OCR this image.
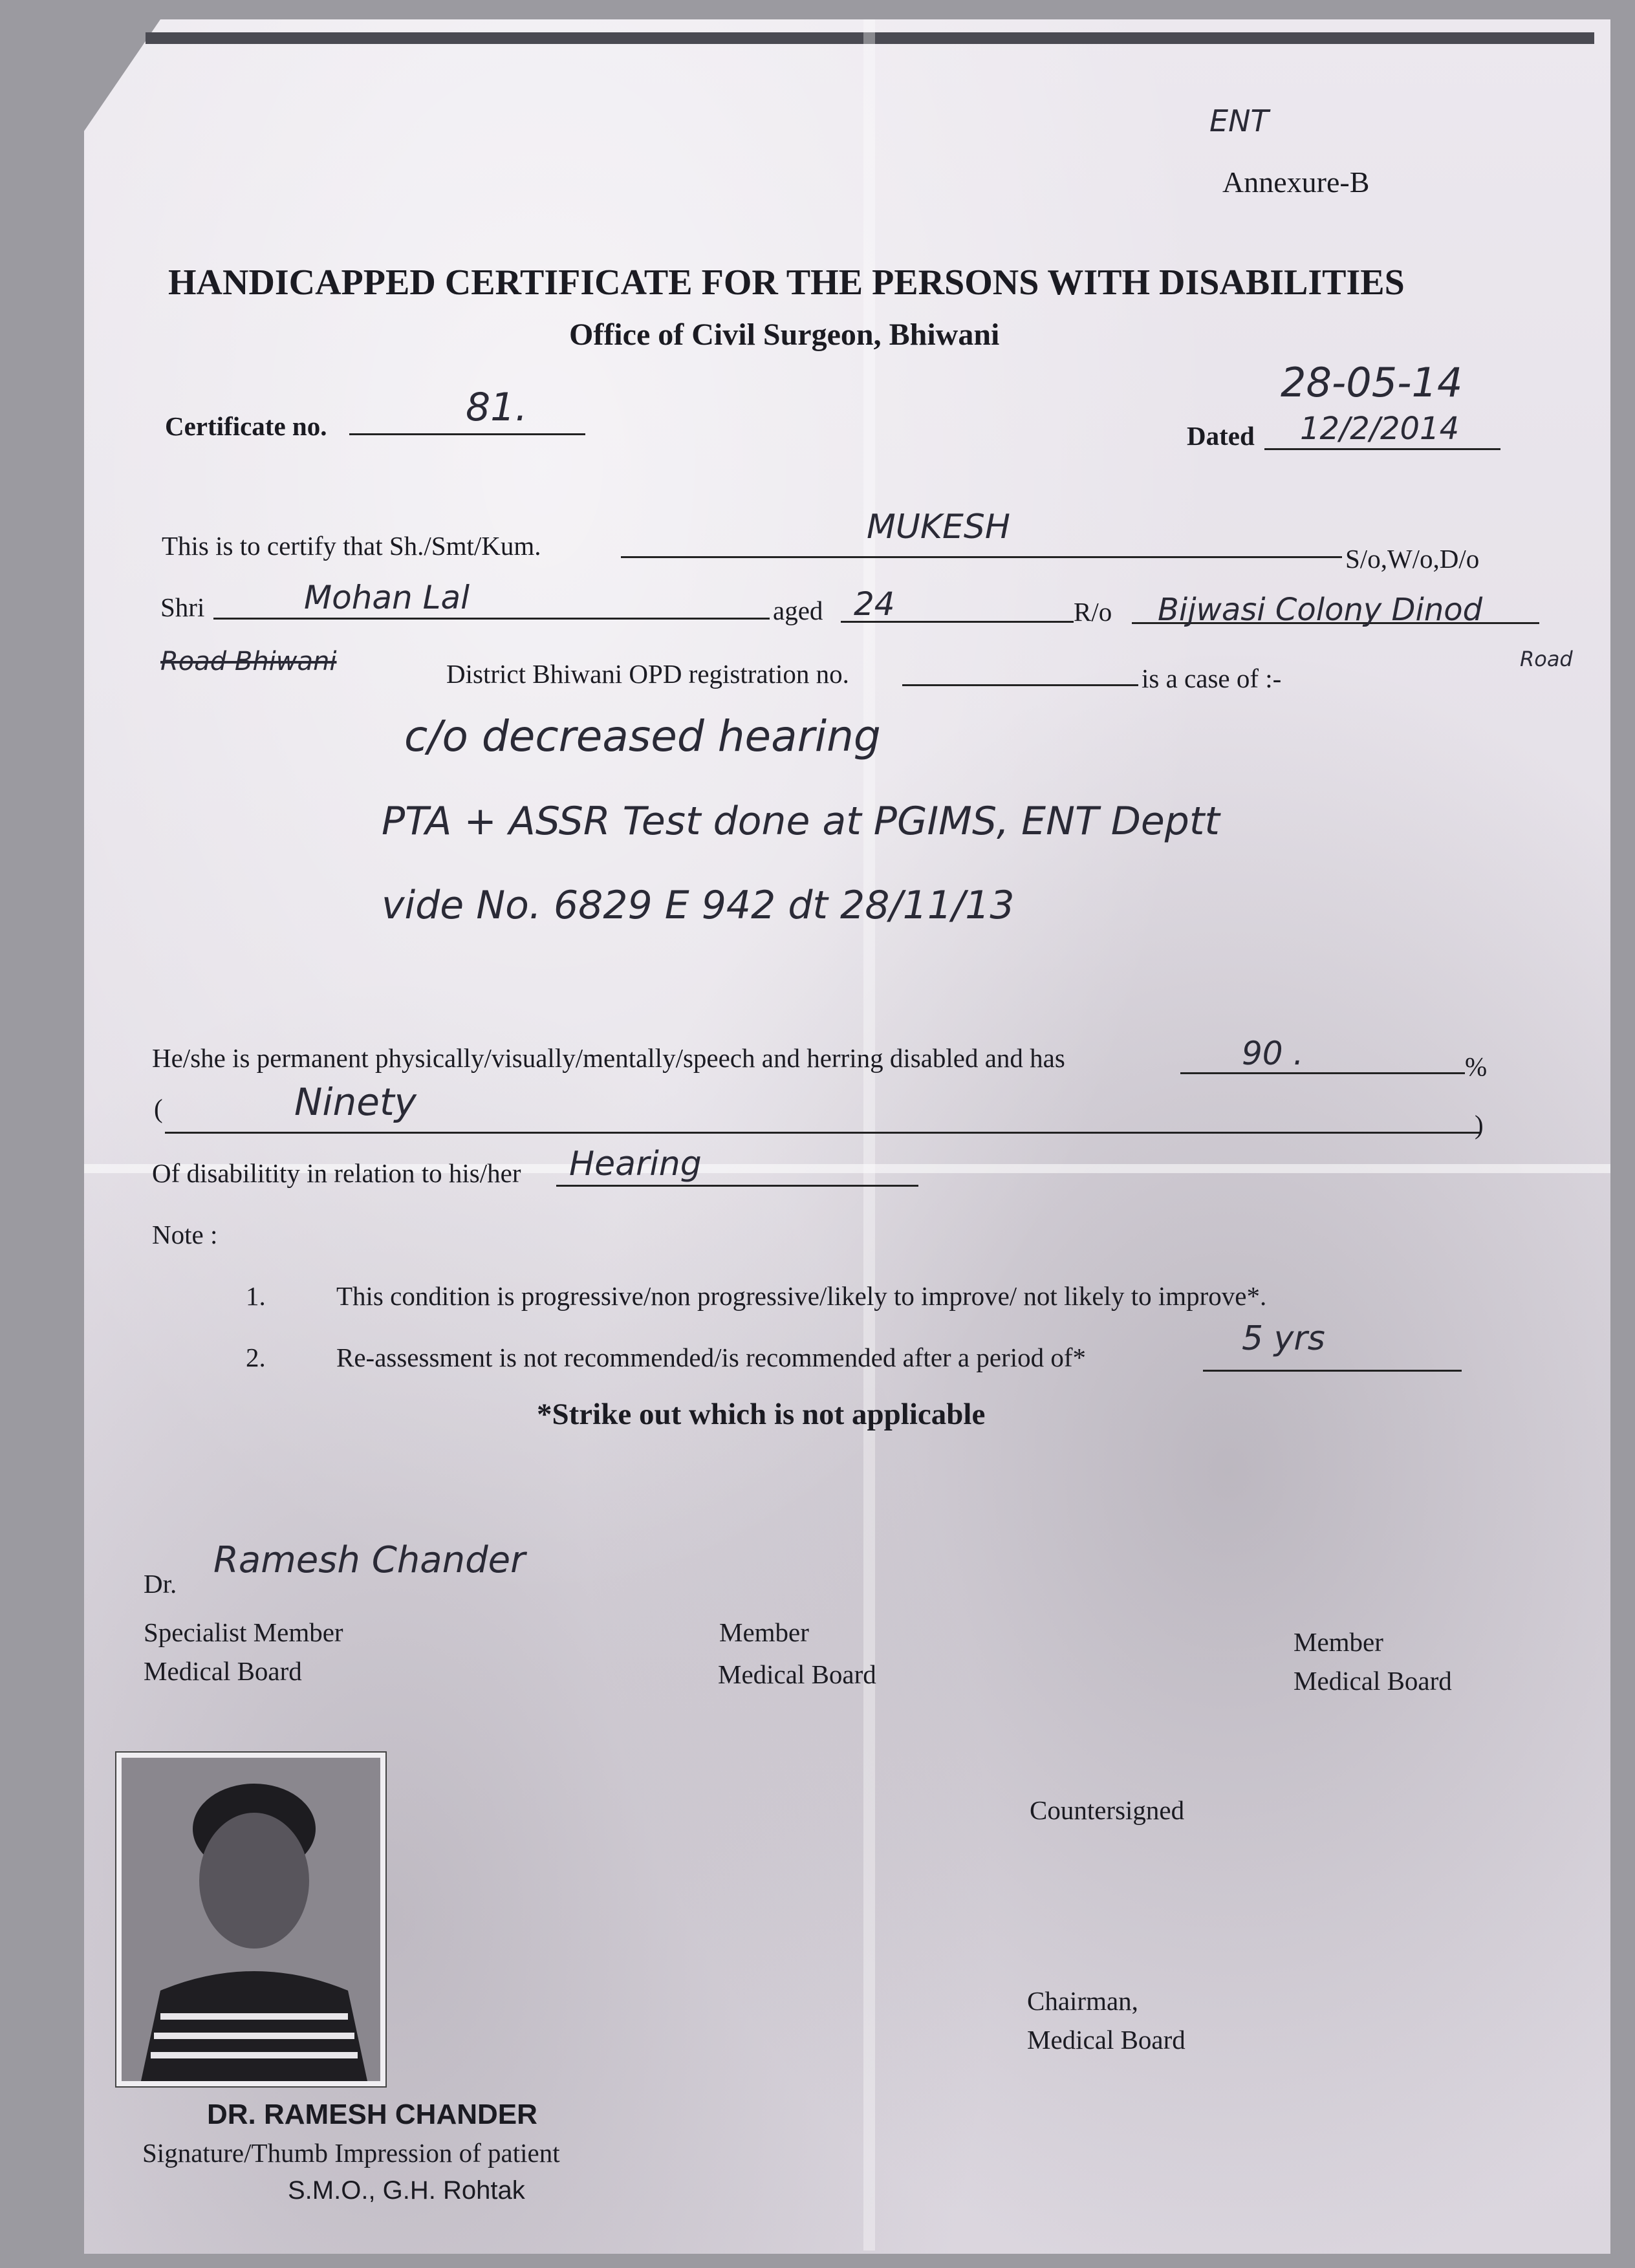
ENT
Annexure-B
HANDICAPPED CERTIFICATE FOR THE PERSONS WITH DISABILITIES
Office of Civil Surgeon, Bhiwani
Certificate no.	81.
28-05-14
Dated 12/2/2014
This is to certify that Sh./Smt/Kum.	MUKESH
S/o,W/o,D/o
Shri	Mohan Lal	aged 24	R/o Bijwasi Colony Dinod
Road
Road Bhiwani	District Bhiwani OPD registration no.	is a case of :-
c/o decreased hearing
PTA + ASSR Test done at PGIMS, ENT Deptt
vide No. 6829 E 942 dt 28/11/13
He/she is permanent physically/visually/mentally/speech and herring disabled and has	90 .	%
(	Ninety
)
Of disabilitity in relation to his/her Hearing
Note :
1.	This condition is progressive/non progressive/likely to improve/ not likely to improve*.
2.	Re-assessment is not recommended/is recommended after a period of*	5 yrs
*Strike out which is not applicable
Dr.
Ramesh Chander
Specialist Member
Medical Board
Member
Medical Board
Member
Medical Board
Countersigned
Chairman,
Medical Board
DR. RAMESH CHANDER
Signature/Thumb Impression of patient
S.M.O., G.H. Rohtak
